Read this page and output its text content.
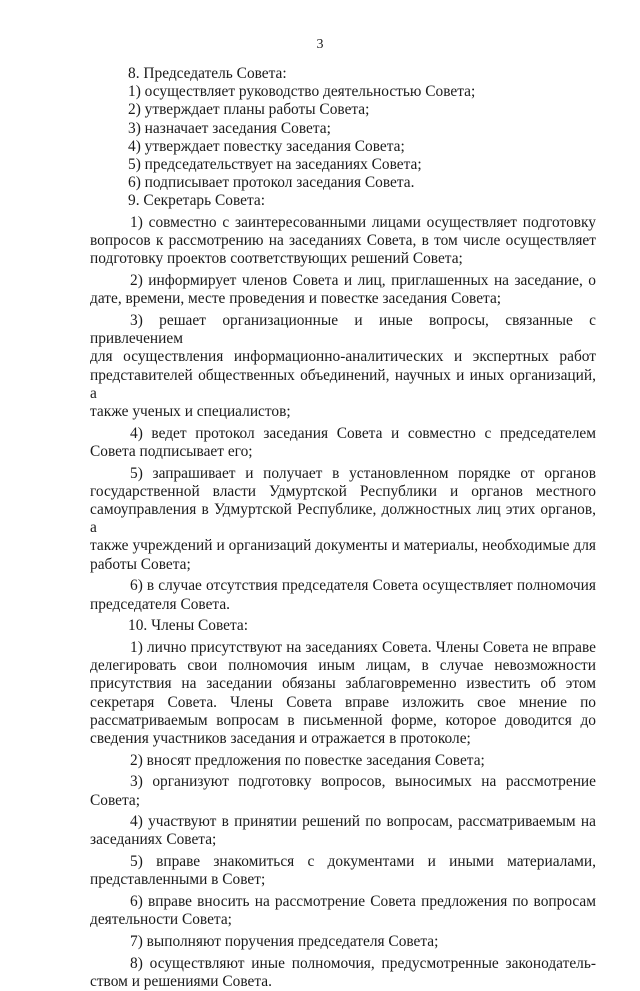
3
8. Председатель Совета:
1) осуществляет руководство деятельностью Совета;
2) утверждает планы работы Совета;
3) назначает заседания Совета;
4) утверждает повестку заседания Совета;
5) председательствует на заседаниях Совета;
6) подписывает протокол заседания Совета.
9. Секретарь Совета:
1) совместно с заинтересованными лицами осуществляет подготовку
вопросов к рассмотрению на заседаниях Совета, в том числе осуществляет
подготовку проектов соответствующих решений Совета;
2) информирует членов Совета и лиц, приглашенных на заседание, о
дате, времени, месте проведения и повестке заседания Совета;
3) решает организационные и иные вопросы, связанные с привлечением
для осуществления информационно-аналитических и экспертных работ
представителей общественных объединений, научных и иных организаций, а
также ученых и специалистов;
4) ведет протокол заседания Совета и совместно с председателем
Совета подписывает его;
5) запрашивает и получает в установленном порядке от органов
государственной власти Удмуртской Республики и органов местного
самоуправления в Удмуртской Республике, должностных лиц этих органов, а
также учреждений и организаций документы и материалы, необходимые для
работы Совета;
6) в случае отсутствия председателя Совета осуществляет полномочия
председателя Совета.
10. Члены Совета:
1) лично присутствуют на заседаниях Совета. Члены Совета не вправе
делегировать свои полномочия иным лицам, в случае невозможности
присутствия на заседании обязаны заблаговременно известить об этом
секретаря Совета. Члены Совета вправе изложить свое мнение по
рассматриваемым вопросам в письменной форме, которое доводится до
сведения участников заседания и отражается в протоколе;
2) вносят предложения по повестке заседания Совета;
3) организуют подготовку вопросов, выносимых на рассмотрение
Совета;
4) участвуют в принятии решений по вопросам, рассматриваемым на
заседаниях Совета;
5) вправе знакомиться с документами и иными материалами,
представленными в Совет;
6) вправе вносить на рассмотрение Совета предложения по вопросам
деятельности Совета;
7) выполняют поручения председателя Совета;
8) осуществляют иные полномочия, предусмотренные законодатель-
ством и решениями Совета.
